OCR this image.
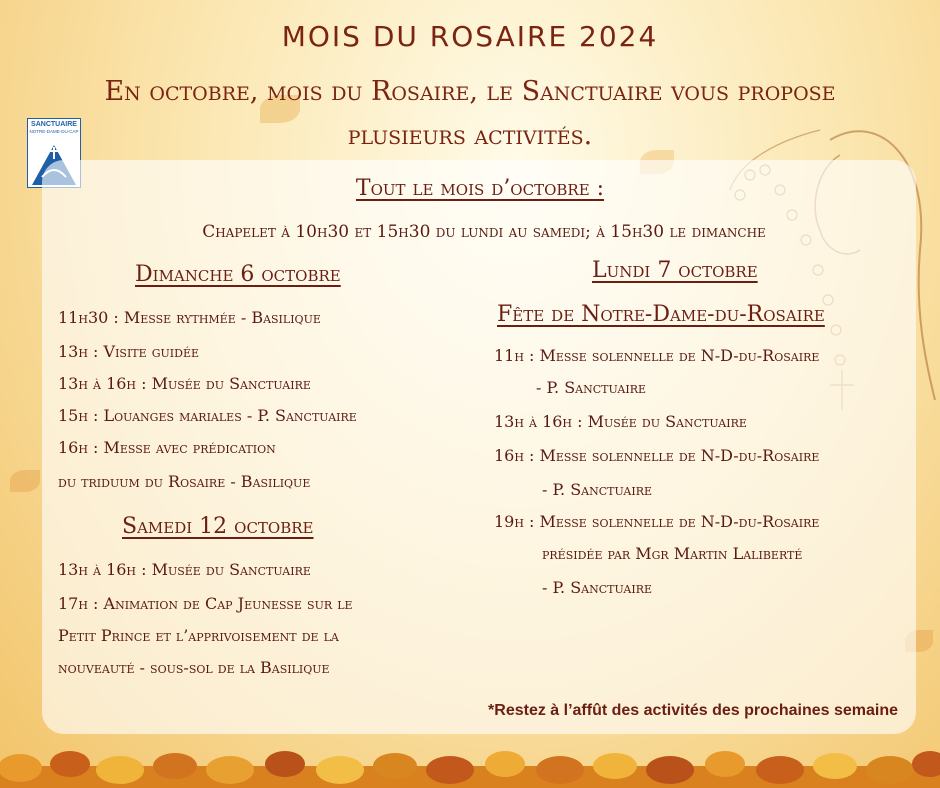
SANCTUAIRE
NOTRE-DAME-DU-CAP
MOIS DU ROSAIRE 2024
En octobre, mois du Rosaire, le Sanctuaire vous propose
plusieurs activités.
Tout le mois d’octobre :
Chapelet à 10h30 et 15h30 du lundi au samedi; à 15h30 le dimanche
Dimanche 6 octobre
11h30 : Messe rythmée - Basilique
13h : Visite guidée
13h à 16h : Musée du Sanctuaire
15h : Louanges mariales - P. Sanctuaire
16h : Messe avec prédication
du triduum du Rosaire - Basilique
Samedi 12 octobre
13h à 16h : Musée du Sanctuaire
17h : Animation de Cap Jeunesse sur le
Petit Prince et l’apprivoisement de la
nouveauté - sous-sol de la Basilique
Lundi 7 octobre
Fête de Notre-Dame-du-Rosaire
11h : Messe solennelle de N-D-du-Rosaire
- P. Sanctuaire
13h à 16h : Musée du Sanctuaire
16h : Messe solennelle de N-D-du-Rosaire
- P. Sanctuaire
19h : Messe solennelle de N-D-du-Rosaire
présidée par Mgr Martin Laliberté
- P. Sanctuaire
*Restez à l’affût des activités des prochaines semaine
